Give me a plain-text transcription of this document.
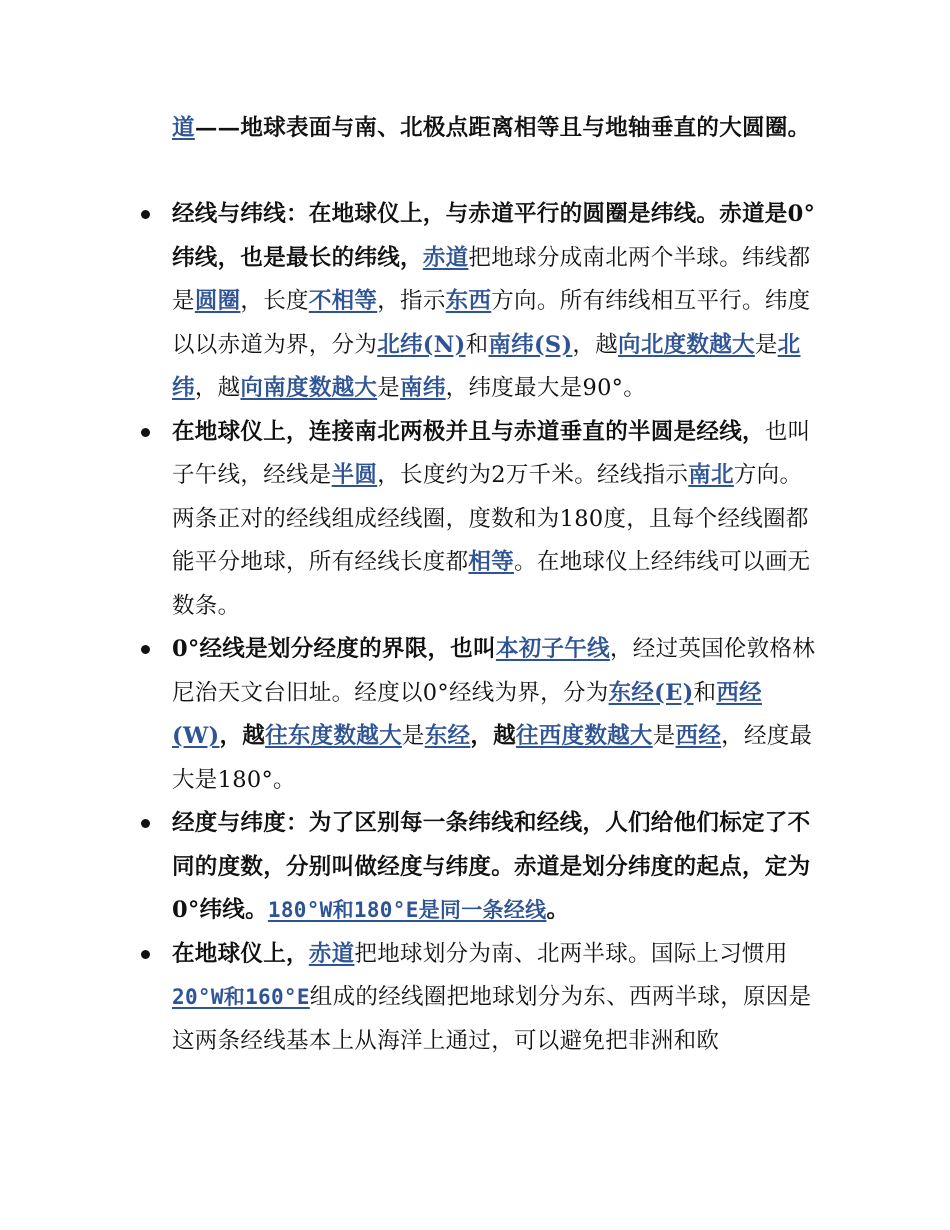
道——地球表面与南、北极点距离相等且与地轴垂直的大圆圈。
经线与纬线：在地球仪上，与赤道平行的圆圈是纬线。赤道是0°纬线，也是最长的纬线，赤道把地球分成南北两个半球。纬线都是圆圈，长度不相等，指示东西方向。所有纬线相互平行。纬度以以赤道为界，分为北纬(N)和南纬(S)，越向北度数越大是北纬，越向南度数越大是南纬，纬度最大是90°。
在地球仪上，连接南北两极并且与赤道垂直的半圆是经线，也叫子午线，经线是半圆，长度约为2万千米。经线指示南北方向。两条正对的经线组成经线圈，度数和为180度，且每个经线圈都能平分地球，所有经线长度都相等。在地球仪上经纬线可以画无数条。
0°经线是划分经度的界限，也叫本初子午线，经过英国伦敦格林尼治天文台旧址。经度以0°经线为界，分为东经(E)和西经(W)，越往东度数越大是东经，越往西度数越大是西经，经度最大是180°。
经度与纬度：为了区别每一条纬线和经线，人们给他们标定了不同的度数，分别叫做经度与纬度。赤道是划分纬度的起点，定为0°纬线。180°W和180°E是同一条经线。
在地球仪上，赤道把地球划分为南、北两半球。国际上习惯用20°W和160°E组成的经线圈把地球划分为东、西两半球，原因是这两条经线基本上从海洋上通过，可以避免把非洲和欧
